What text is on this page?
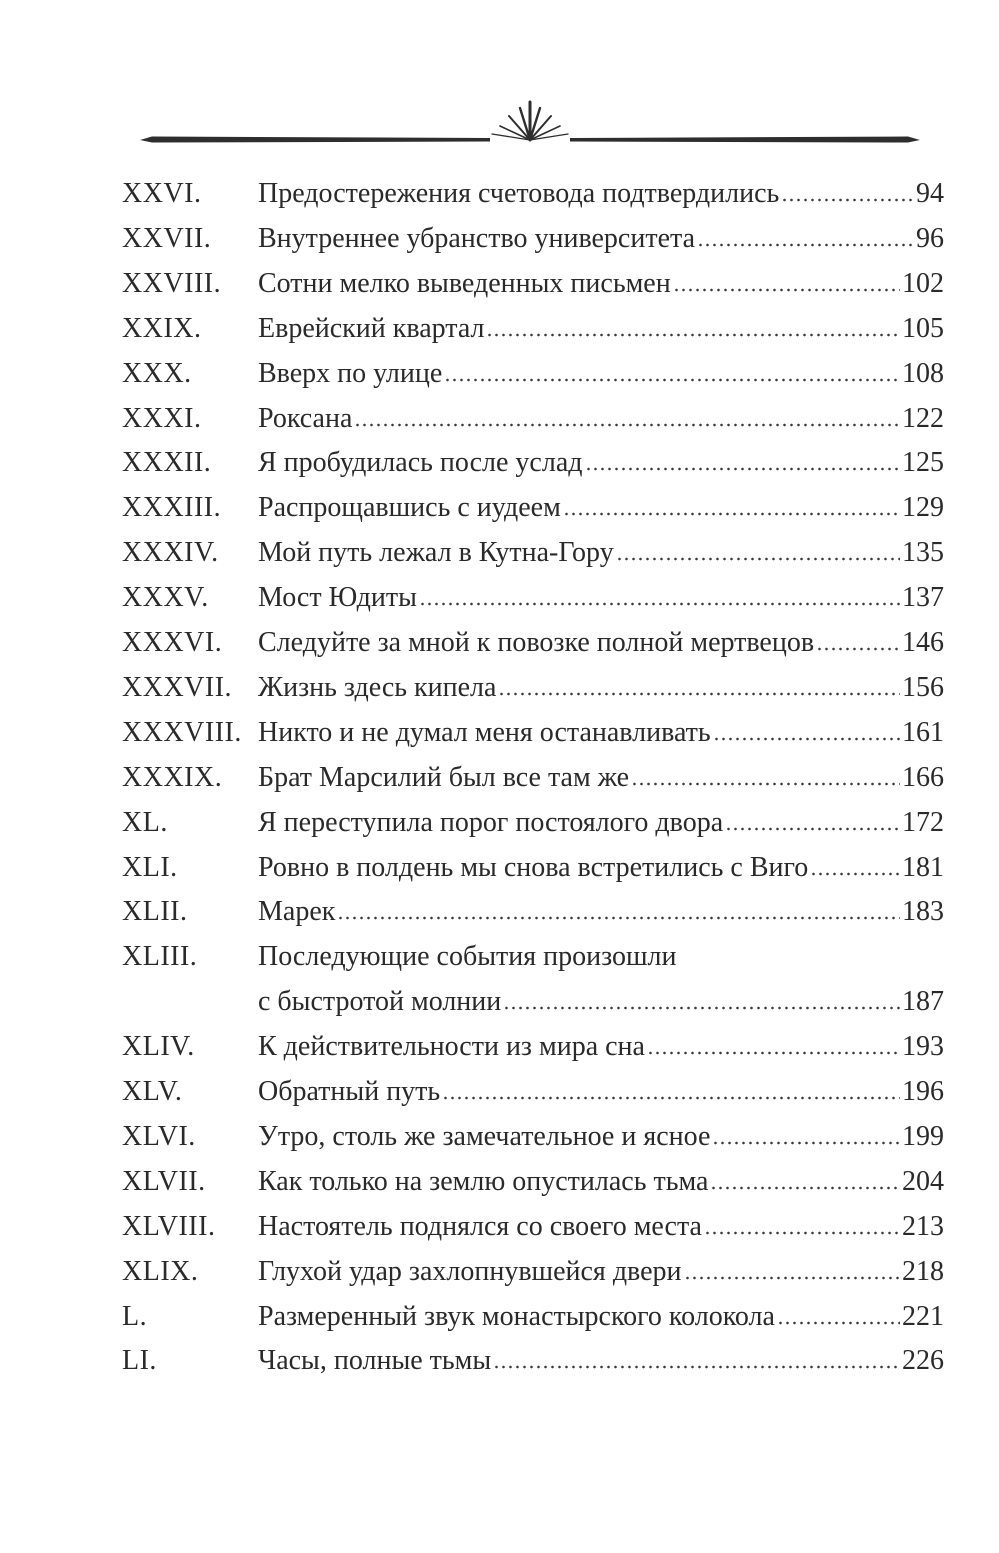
XXVI. Предостережения счетовода подтвердились	94
XXVII. Внутреннее убранство университета	96
XXVIII. Сотни мелко выведенных письмен	102
XXIX. Еврейский квартал	105
XXX. Вверх по улице	108
XXXI. Роксана	122
XXXII. Я пробудилась после услад	125
XXXIII. Распрощавшись с иудеем	129
XXXIV. Мой путь лежал в Кутна-Гору	135
XXXV. Мост Юдиты	137
XXXVI. Следуйте за мной к повозке полной мертвецов	146
XXXVII. Жизнь здесь кипела	156
XXXVIII. Никто и не думал меня останавливать	161
XXXIX. Брат Марсилий был все там же	166
XL.	Я переступила порог постоялого двора	172
XLI.	Ровно в полдень мы снова встретились с Виго	181
XLII.	Марек	183
XLIII. Последующие события произошли
с быстротой молнии	187
XLIV. К действительности из мира сна	193
XLV.	Обратный путь	196
XLVI. Утро, столь же замечательное и ясное	199
XLVII. Как только на землю опустилась тьма	204
XLVIII. Настоятель поднялся со своего места	213
XLIX. Глухой удар захлопнувшейся двери	218
L.	Размеренный звук монастырского колокола	221
LI.	Часы, полные тьмы	226
